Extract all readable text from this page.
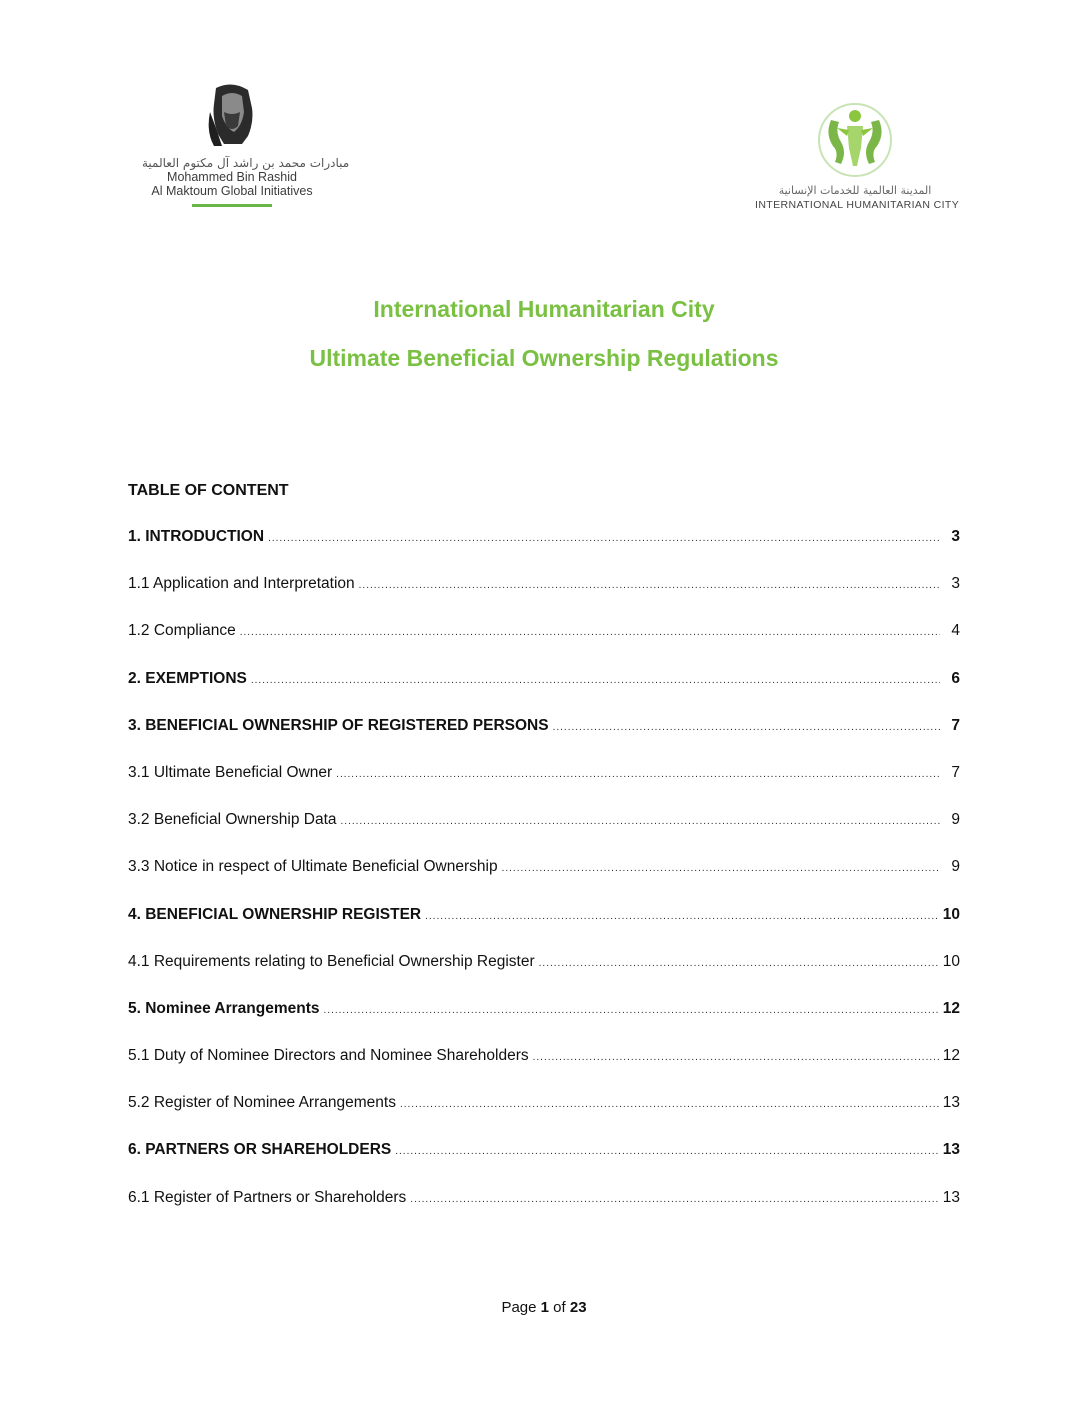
مبادرات محمد بن راشد آل مكتوم العالمية
Mohammed Bin Rashid
Al Maktoum Global Initiatives	المدينة العالمية للخدمات الإنسانية
INTERNATIONAL HUMANITARIAN CITY
International Humanitarian City
Ultimate Beneficial Ownership Regulations
TABLE OF CONTENT
1. INTRODUCTION .....	3
1.1 Application and Interpretation .....	3
1.2 Compliance .....	4
2. EXEMPTIONS .....	6
3. BENEFICIAL OWNERSHIP OF REGISTERED PERSONS .....	7
3.1 Ultimate Beneficial Owner .....	7
3.2 Beneficial Ownership Data .....	9
3.3 Notice in respect of Ultimate Beneficial Ownership .....	9
4. BENEFICIAL OWNERSHIP REGISTER .....	10
4.1 Requirements relating to Beneficial Ownership Register .....	10
5. Nominee Arrangements .....	12
5.1 Duty of Nominee Directors and Nominee Shareholders .....	12
5.2 Register of Nominee Arrangements .....	13
6. PARTNERS OR SHAREHOLDERS .....	13
6.1 Register of Partners or Shareholders .....	13
Page 1 of 23
